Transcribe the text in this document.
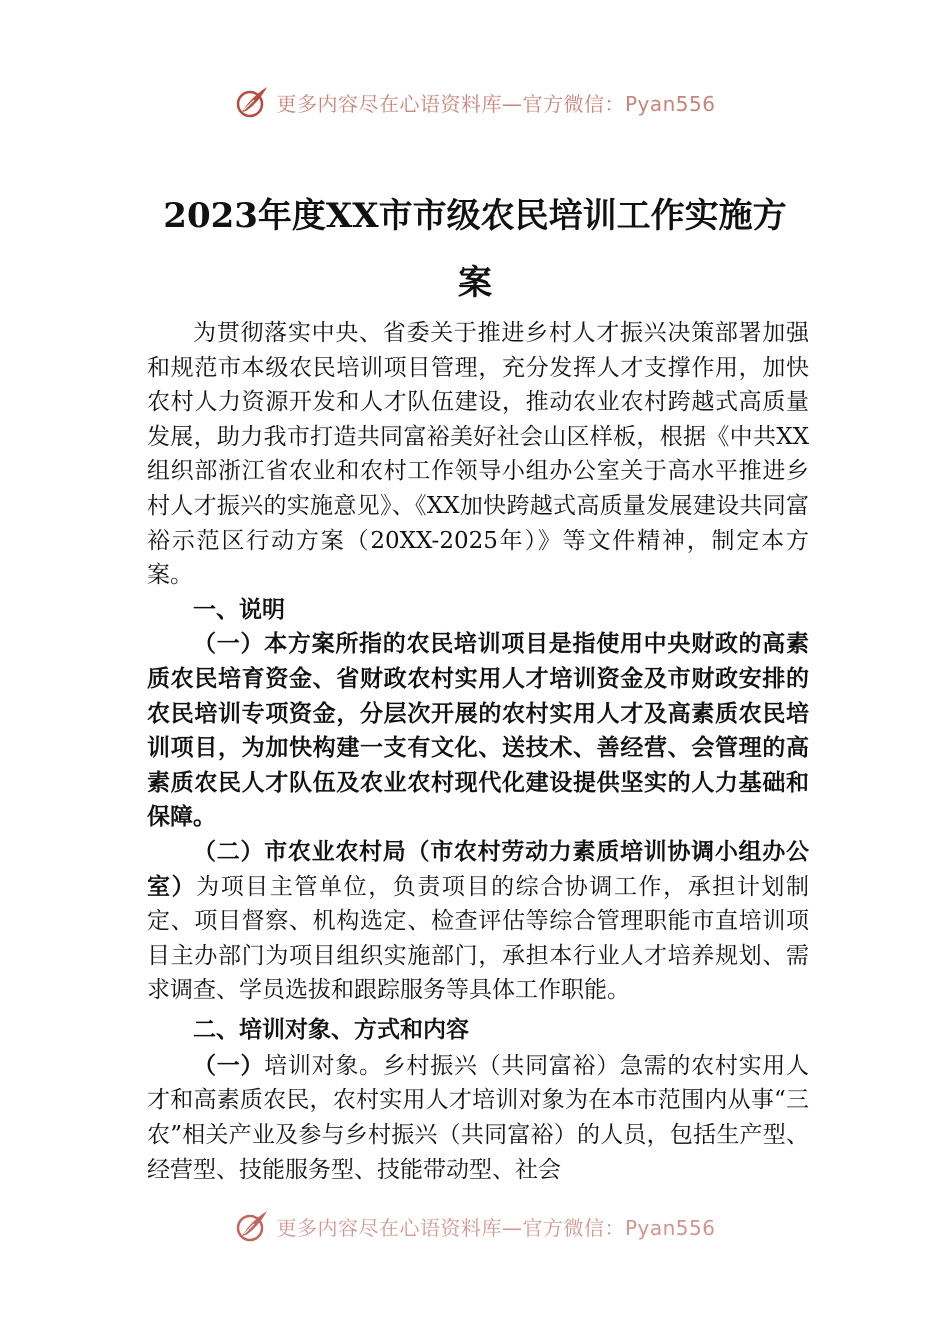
更多内容尽在心语资料库—官方微信：Pyan556
2023年度XX市市级农民培训工作实施方
案

为贯彻落实中央、省委关于推进乡村人才振兴决策部署加强和规范市本级农民培训项目管理，充分发挥人才支撑作用，加快农村人力资源开发和人才队伍建设，推动农业农村跨越式高质量发展，助力我市打造共同富裕美好社会山区样板，根据《中共XX组织部浙江省农业和农村工作领导小组办公室关于高水平推进乡村人才振兴的实施意见》、《XX加快跨越式高质量发展建设共同富裕示范区行动方案（20XX-2025年）》等文件精神，制定本方案。

一、说明

（一）本方案所指的农民培训项目是指使用中央财政的高素质农民培育资金、省财政农村实用人才培训资金及市财政安排的农民培训专项资金，分层次开展的农村实用人才及高素质农民培训项目，为加快构建一支有文化、送技术、善经营、会管理的高素质农民人才队伍及农业农村现代化建设提供坚实的人力基础和保障。

（二）市农业农村局（市农村劳动力素质培训协调小组办公室）为项目主管单位，负责项目的综合协调工作，承担计划制定、项目督察、机构选定、检查评估等综合管理职能市直培训项目主办部门为项目组织实施部门，承担本行业人才培养规划、需求调查、学员选拔和跟踪服务等具体工作职能。

二、培训对象、方式和内容

（一）培训对象。乡村振兴（共同富裕）急需的农村实用人才和高素质农民，农村实用人才培训对象为在本市范围内从事“三农”相关产业及参与乡村振兴（共同富裕）的人员，包括生产型、经营型、技能服务型、技能带动型、社会

更多内容尽在心语资料库—官方微信：Pyan556
